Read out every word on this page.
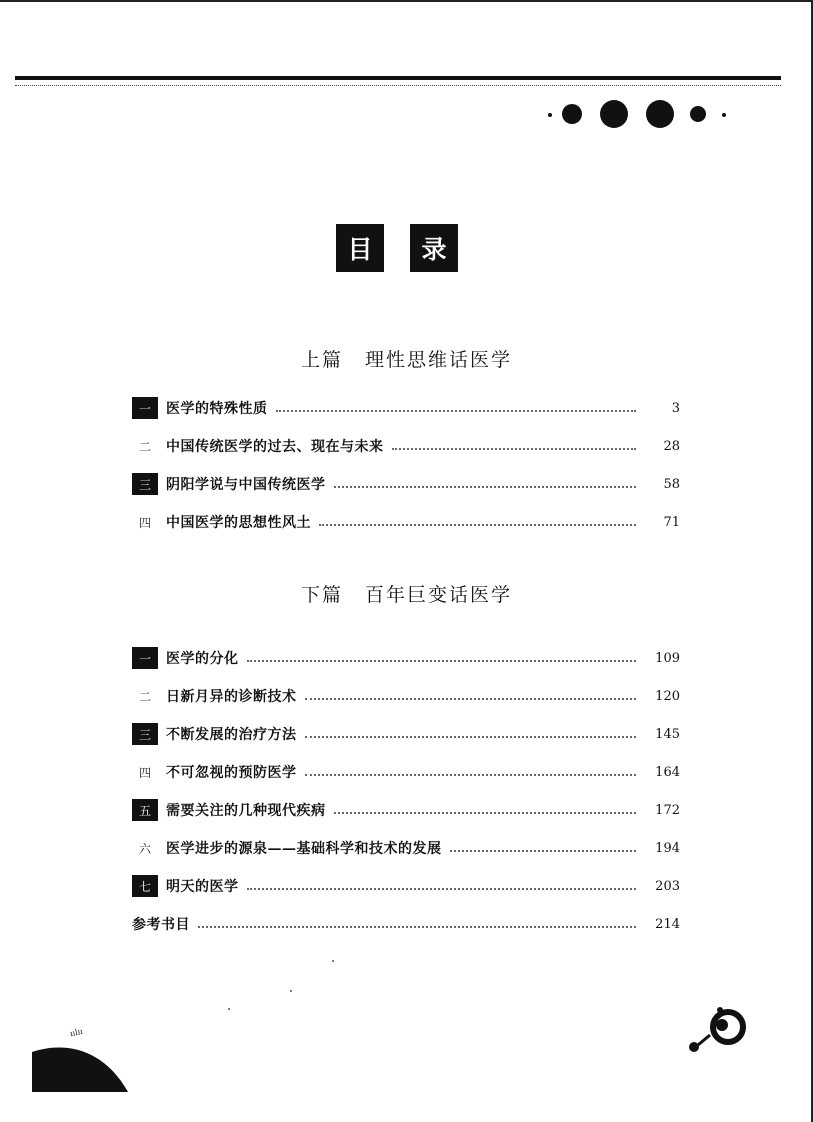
目	录
上篇 理性思维话医学
一	医学的特殊性质	3
二	中国传统医学的过去、现在与未来	28
三	阴阳学说与中国传统医学	58
四	中国医学的思想性风土	71
下篇 百年巨变话医学
一	医学的分化	109
二	日新月异的诊断技术	120
三	不断发展的治疗方法	145
四	不可忽视的预防医学	164
五	需要关注的几种现代疾病	172
六	医学进步的源泉——基础科学和技术的发展	194
七	明天的医学	203
参考书目	214
ıılıı
